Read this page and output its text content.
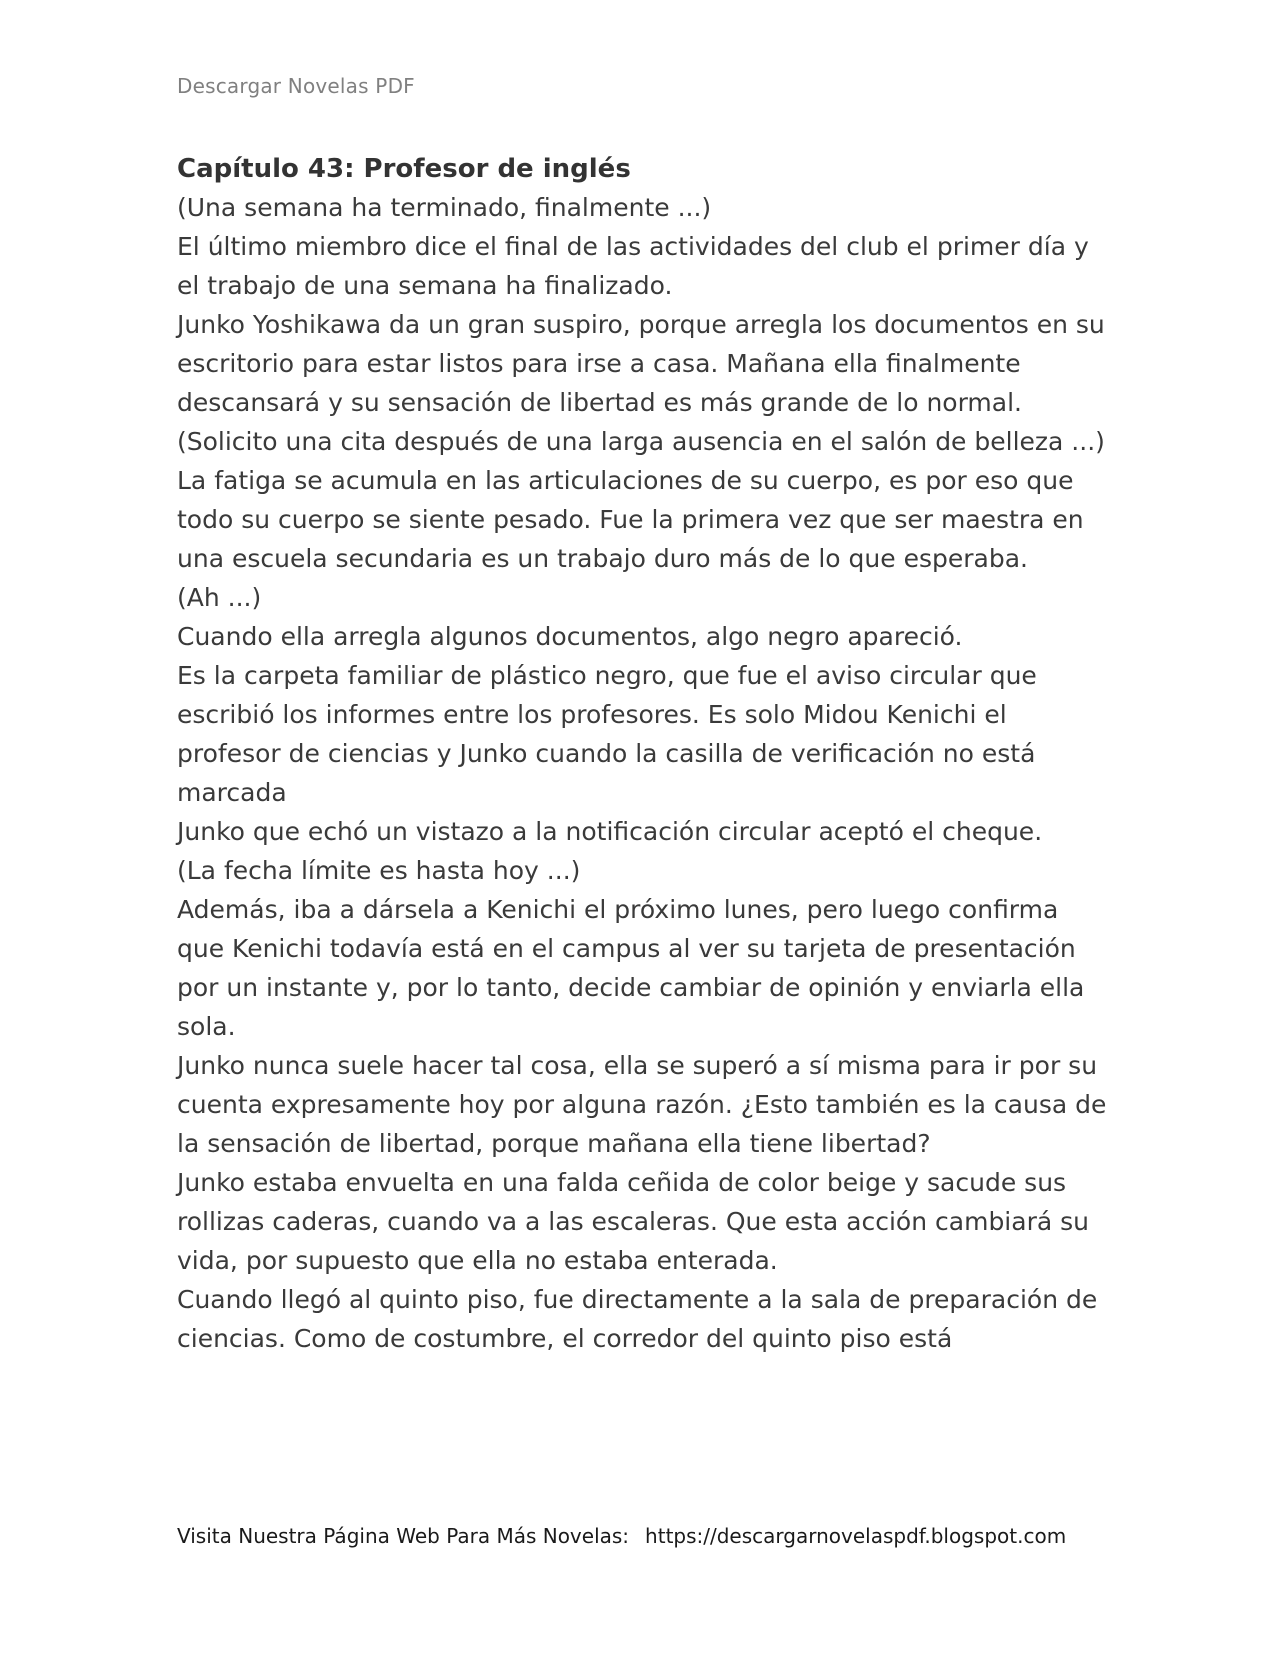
Descargar Novelas PDF
Capítulo 43: Profesor de inglés

(Una semana ha terminado, finalmente ...)

El último miembro dice el final de las actividades del club el primer día y el trabajo de una semana ha finalizado.

Junko Yoshikawa da un gran suspiro, porque arregla los documentos en su escritorio para estar listos para irse a casa. Mañana ella finalmente descansará y su sensación de libertad es más grande de lo normal.

(Solicito una cita después de una larga ausencia en el salón de belleza ...)

La fatiga se acumula en las articulaciones de su cuerpo, es por eso que todo su cuerpo se siente pesado. Fue la primera vez que ser maestra en una escuela secundaria es un trabajo duro más de lo que esperaba.

(Ah ...)

Cuando ella arregla algunos documentos, algo negro apareció.

Es la carpeta familiar de plástico negro, que fue el aviso circular que escribió los informes entre los profesores. Es solo Midou Kenichi el profesor de ciencias y Junko cuando la casilla de verificación no está marcada

Junko que echó un vistazo a la notificación circular aceptó el cheque.

(La fecha límite es hasta hoy ...)

Además, iba a dársela a Kenichi el próximo lunes, pero luego confirma que Kenichi todavía está en el campus al ver su tarjeta de presentación por un instante y, por lo tanto, decide cambiar de opinión y enviarla ella sola.

Junko nunca suele hacer tal cosa, ella se superó a sí misma para ir por su cuenta expresamente hoy por alguna razón. ¿Esto también es la causa de la sensación de libertad, porque mañana ella tiene libertad?

Junko estaba envuelta en una falda ceñida de color beige y sacude sus rollizas caderas, cuando va a las escaleras. Que esta acción cambiará su vida, por supuesto que ella no estaba enterada.

Cuando llegó al quinto piso, fue directamente a la sala de preparación de ciencias. Como de costumbre, el corredor del quinto piso está

Visita Nuestra Página Web Para Más Novelas: https://descargarnovelaspdf.blogspot.com
